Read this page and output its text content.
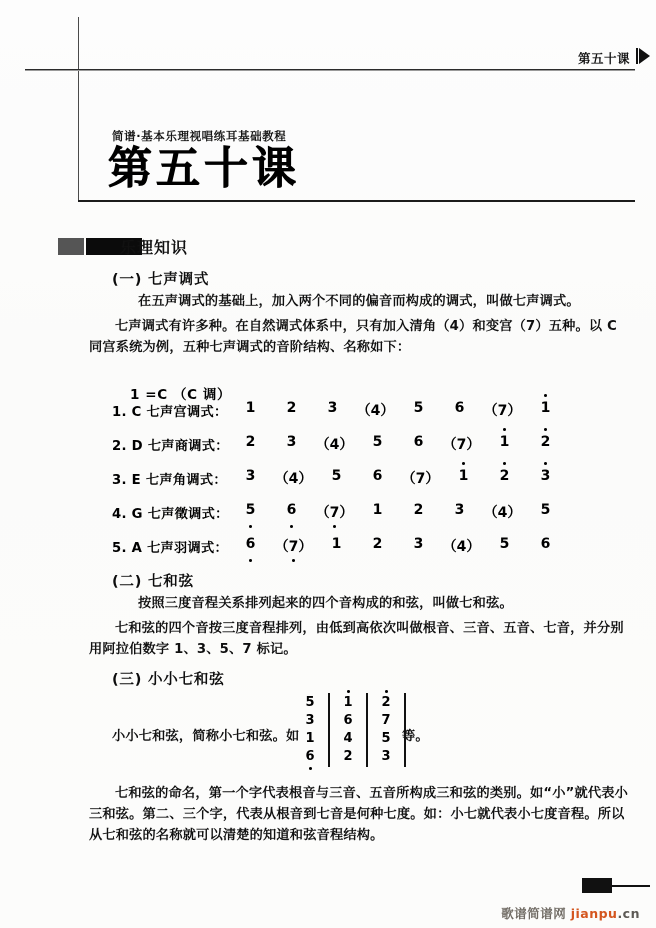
第五十课
简谱·基本乐理视唱练耳基础教程
第五十课
乐理知识
(一) 七声调式
在五声调式的基础上，加入两个不同的偏音而构成的调式，叫做七声调式。
七声调式有许多种。在自然调式体系中，只有加入清角（4）和变宫（7）五种。以 C 同宫系统为例，五种七声调式的音阶结构、名称如下：
1 =C （C 调）
1. C 七声宫调式：	1	2	3	（4）	5	6	（7）	1
2. D 七声商调式：	2	3	（4）	5	6	（7）	1	2
3. E 七声角调式：	3	（4）	5	6	（7）	1	2	3
4. G 七声徵调式：	5	6	（7）	1	2	3	（4）	5
5. A 七声羽调式：	6	（7）	1	2	3	（4）	5	6
(二) 七和弦
按照三度音程关系排列起来的四个音构成的和弦，叫做七和弦。
七和弦的四个音按三度音程排列，由低到高依次叫做根音、三音、五音、七音，并分别用阿拉伯数字 1、3、5、7 标记。
(三) 小小七和弦
小小七和弦，简称小七和弦。如
5
3
1
6
1
6
4
2
2
7
5
3
等。
七和弦的命名，第一个字代表根音与三音、五音所构成三和弦的类别。如“小”就代表小三和弦。第二、三个字，代表从根音到七音是何种七度。如：小七就代表小七度音程。所以从七和弦的名称就可以清楚的知道和弦音程结构。
歌谱简谱网 jianpu.cn
